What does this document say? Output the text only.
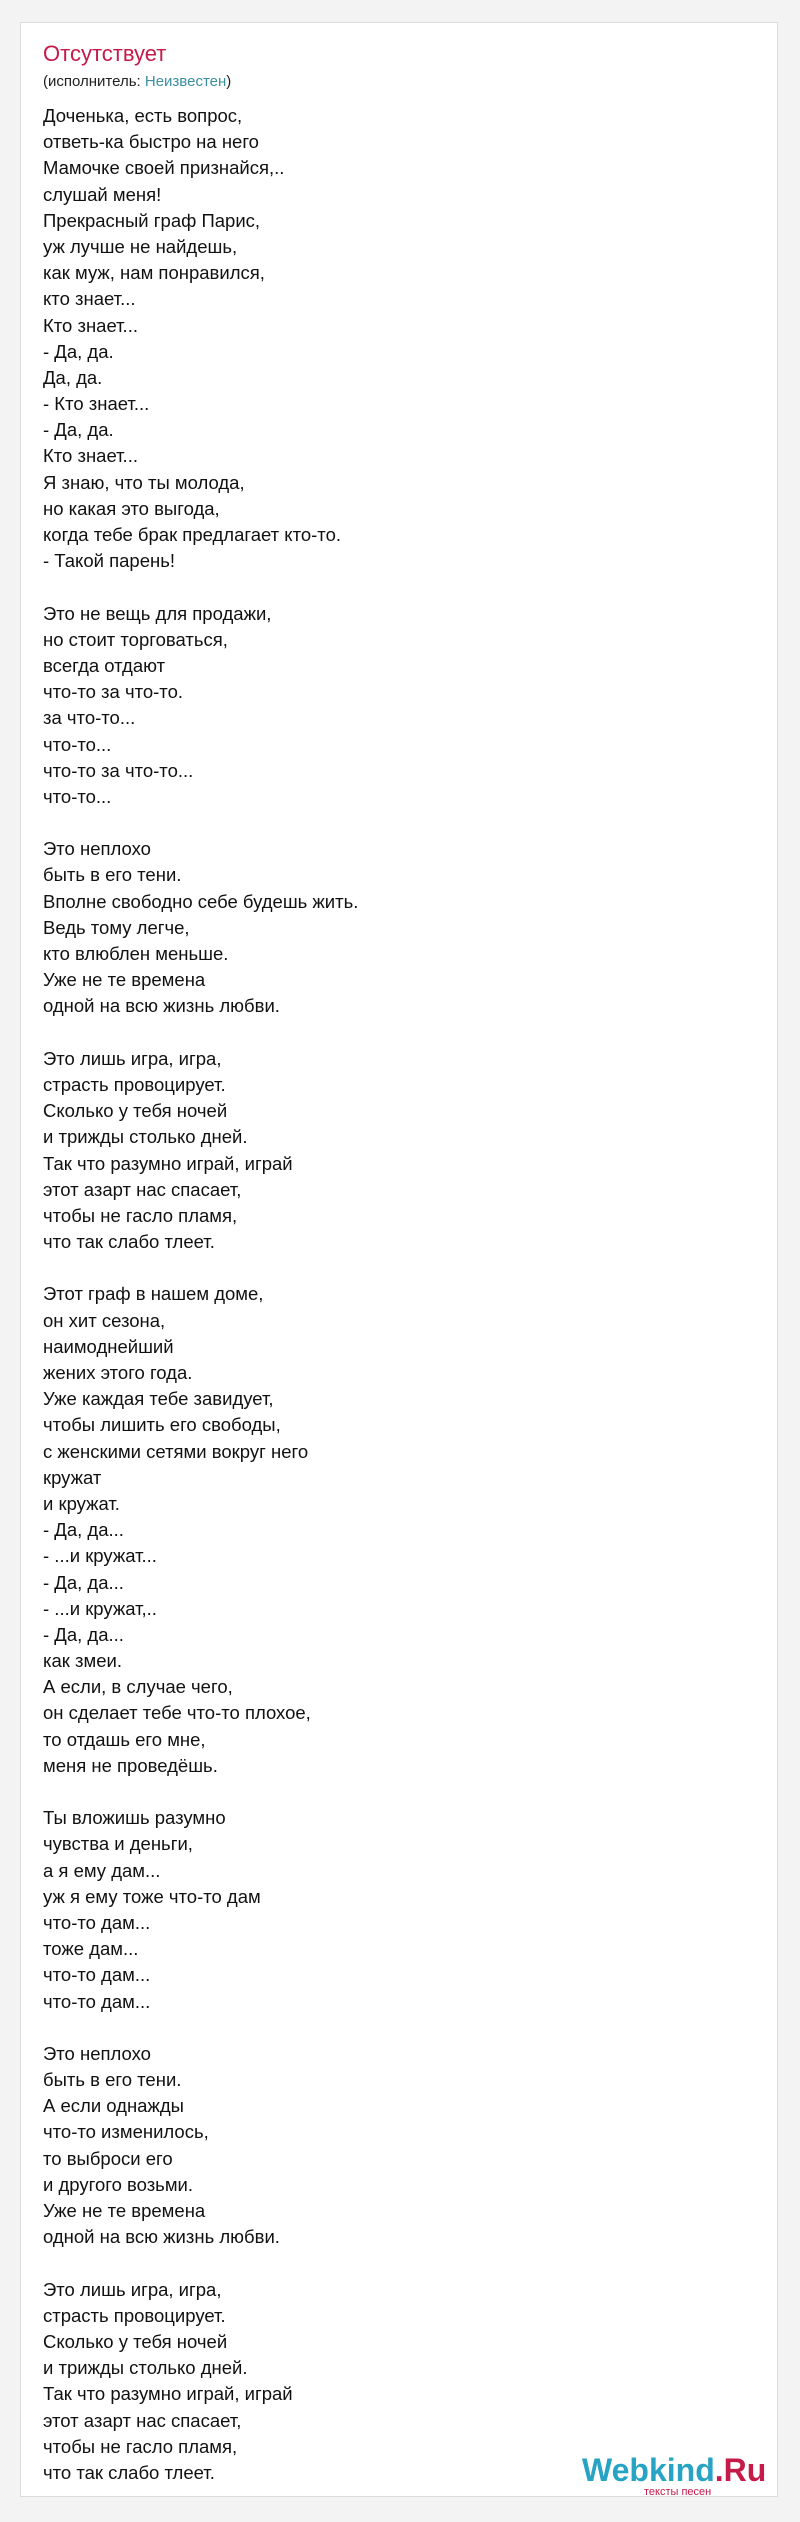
Отсутствует
(исполнитель: Неизвестен)
Доченька, есть вопрос,
ответь-ка быстро на него
Мамочке своей признайся,..
слушай меня!
Прекрасный граф Парис,
уж лучше не найдешь,
как муж, нам понравился,
кто знает...
Кто знает...
- Да, да.
Да, да.
- Кто знает...
- Да, да.
Кто знает...
Я знаю, что ты молода,
но какая это выгода,
когда тебе брак предлагает кто-то.
- Такой парень!
Это не вещь для продажи,
но стоит торговаться,
всегда отдают
что-то за что-то.
за что-то...
что-то...
что-то за что-то...
что-то...
Это неплохо
быть в его тени.
Вполне свободно себе будешь жить.
Ведь тому легче,
кто влюблен меньше.
Уже не те времена
одной на всю жизнь любви.
Это лишь игра, игра,
страсть провоцирует.
Сколько у тебя ночей
и трижды столько дней.
Так что разумно играй, играй
этот азарт нас спасает,
чтобы не гасло пламя,
что так слабо тлеет.
Этот граф в нашем доме,
он хит сезона,
наимоднейший
жених этого года.
Уже каждая тебе завидует,
чтобы лишить его свободы,
с женскими сетями вокруг него
кружат
и кружат.
- Да, да...
- ...и кружат...
- Да, да...
- ...и кружат,..
- Да, да...
как змеи.
А если, в случае чего,
он сделает тебе что-то плохое,
то отдашь его мне,
меня не проведёшь.
Ты вложишь разумно
чувства и деньги,
а я ему дам...
уж я ему тоже что-то дам
что-то дам...
тоже дам...
что-то дам...
что-то дам...
Это неплохо
быть в его тени.
А если однажды
что-то изменилось,
то выброси его
и другого возьми.
Уже не те времена
одной на всю жизнь любви.
Это лишь игра, игра,
страсть провоцирует.
Сколько у тебя ночей
и трижды столько дней.
Так что разумно играй, играй
этот азарт нас спасает,
чтобы не гасло пламя,
что так слабо тлеет.	Webkind.Ru
тексты песен
